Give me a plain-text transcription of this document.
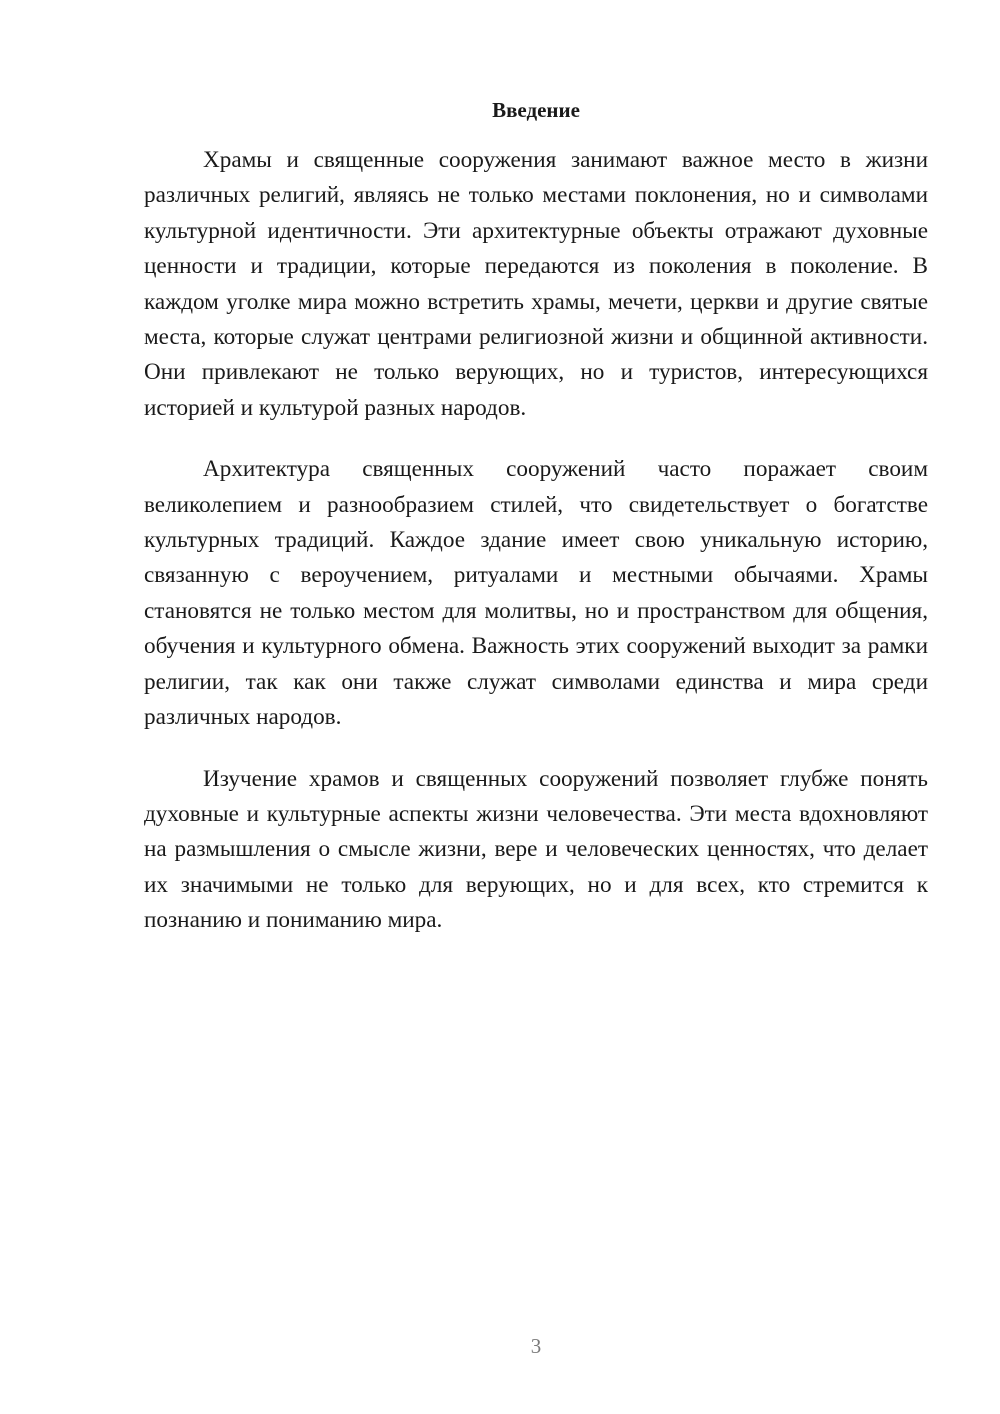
Введение

Храмы и священные сооружения занимают важное место в жизни различных религий, являясь не только местами поклонения, но и символами культурной идентичности. Эти архитектурные объекты отражают духовные ценности и традиции, которые передаются из поколения в поколение. В каждом уголке мира можно встретить храмы, мечети, церкви и другие святые места, которые служат центрами религиозной жизни и общинной активности. Они привлекают не только верующих, но и туристов, интересующихся историей и культурой разных народов.

Архитектура священных сооружений часто поражает своим великолепием и разнообразием стилей, что свидетельствует о богатстве культурных традиций. Каждое здание имеет свою уникальную историю, связанную с вероучением, ритуалами и местными обычаями. Храмы становятся не только местом для молитвы, но и пространством для общения, обучения и культурного обмена. Важность этих сооружений выходит за рамки религии, так как они также служат символами единства и мира среди различных народов.

Изучение храмов и священных сооружений позволяет глубже понять духовные и культурные аспекты жизни человечества. Эти места вдохновляют на размышления о смысле жизни, вере и человеческих ценностях, что делает их значимыми не только для верующих, но и для всех, кто стремится к познанию и пониманию мира.

3
